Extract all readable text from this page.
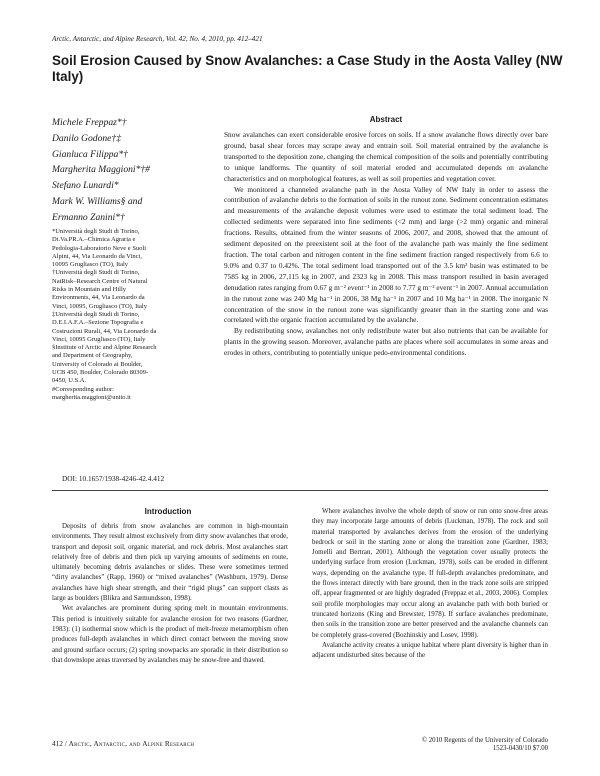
Arctic, Antarctic, and Alpine Research, Vol. 42, No. 4, 2010, pp. 412–421
Soil Erosion Caused by Snow Avalanches: a Case Study in the Aosta Valley (NW Italy)
Michele Freppaz*†
Danilo Godone†‡
Gianluca Filippa*†
Margherita Maggioni*†#
Stefano Lunardi*
Mark W. Williams§ and
Ermanno Zanini*†
*Università degli Studi di Torino,
Di.Va.PR.A.–Chimica Agraria e
Pedologia-Laboratorio Neve e Suoli
Alpini, 44, Via Leonardo da Vinci,
10095 Grugliasco (TO), Italy
†Università degli Studi di Torino,
NatRisk–Research Centre of Natural
Risks in Mountain and Hilly
Environments, 44, Via Leonardo da
Vinci, 10095, Grugliasco (TO), Italy
‡Università degli Studi di Torino,
D.E.I.A.F.A.–Sezione Topografia e
Costruzioni Rurali, 44, Via Leonardo da
Vinci, 10095 Grugliasco (TO), Italy
§Institute of Arctic and Alpine Research
and Department of Geography,
University of Colorado at Boulder,
UCB 450, Boulder, Colorado 80309-
0450, U.S.A.
#Corresponding author:
margherita.maggioni@unito.it
Abstract

Snow avalanches can exert considerable erosive forces on soils. If a snow avalanche flows directly over bare ground, basal shear forces may scrape away and entrain soil. Soil material entrained by the avalanche is transported to the deposition zone, changing the chemical composition of the soils and potentially contributing to unique landforms. The quantity of soil material eroded and accumulated depends on avalanche characteristics and on morphological features, as well as soil properties and vegetation cover.

We monitored a channeled avalanche path in the Aosta Valley of NW Italy in order to assess the contribution of avalanche debris to the formation of soils in the runout zone. Sediment concentration estimates and measurements of the avalanche deposit volumes were used to estimate the total sediment load. The collected sediments were separated into fine sediments (<2 mm) and large (>2 mm) organic and mineral fractions. Results, obtained from the winter seasons of 2006, 2007, and 2008, showed that the amount of sediment deposited on the preexistent soil at the foot of the avalanche path was mainly the fine sediment fraction. The total carbon and nitrogen content in the fine sediment fraction ranged respectively from 6.6 to 9.0% and 0.37 to 0.42%. The total sediment load transported out of the 3.5 km² basin was estimated to be 7585 kg in 2006, 27,115 kg in 2007, and 2323 kg in 2008. This mass transport resulted in basin averaged denudation rates ranging from 0.67 g m⁻² event⁻¹ in 2008 to 7.77 g m⁻² event⁻¹ in 2007. Annual accumulation in the runout zone was 240 Mg ha⁻¹ in 2006, 38 Mg ha⁻¹ in 2007 and 10 Mg ha⁻¹ in 2008. The inorganic N concentration of the snow in the runout zone was significantly greater than in the starting zone and was correlated with the organic fraction accumulated by the avalanche.

By redistributing snow, avalanches not only redistribute water but also nutrients that can be available for plants in the growing season. Moreover, avalanche paths are places where soil accumulates in some areas and erodes in others, contributing to potentially unique pedo-environmental conditions.

DOI: 10.1657/1938-4246-42.4.412
Introduction

Deposits of debris from snow avalanches are common in high-mountain environments. They result almost exclusively from dirty snow avalanches that erode, transport and deposit soil, organic material, and rock debris. Most avalanches start relatively free of debris and then pick up varying amounts of sediments en route, ultimately becoming debris avalanches or slides. These were sometimes termed “dirty avalanches” (Rapp, 1960) or “mixed avalanches” (Washburn, 1979). Dense avalanches have high shear strength, and their “rigid plugs” can support clasts as large as boulders (Blikra and Sæmundsson, 1998).

Wet avalanches are prominent during spring melt in mountain environments. This period is intuitively suitable for avalanche erosion for two reasons (Gardner, 1983): (1) isothermal snow which is the product of melt-freeze metamorphism often produces full-depth avalanches in which direct contact between the moving snow and ground surface occurs; (2) spring snowpacks are sporadic in their distribution so that downslope areas traversed by avalanches may be snow-free and thawed.

Where avalanches involve the whole depth of snow or run onto snow-free areas they may incorporate large amounts of debris (Luckman, 1978). The rock and soil material transported by avalanches derives from the erosion of the underlying bedrock or soil in the starting zone or along the transition zone (Gardner, 1983; Jomelli and Bertran, 2001). Although the vegetation cover usually protects the underlying surface from erosion (Luckman, 1978), soils can be eroded in different ways, depending on the avalanche type. If full-depth avalanches predominate, and the flows interact directly with bare ground, then in the track zone soils are stripped off, appear fragmented or are highly degraded (Freppaz et al., 2003, 2006). Complex soil profile morphologies may occur along an avalanche path with both buried or truncated horizons (King and Brewster, 1978). If surface avalanches predominate, then soils in the transition zone are better preserved and the avalanche channels can be completely grass-covered (Bozhinskiy and Losev, 1998).

Avalanche activity creates a unique habitat where plant diversity is higher than in adjacent undisturbed sites because of the

412 / Arctic, Antarctic, and Alpine Research	© 2010 Regents of the University of Colorado
1523-0430/10 $7.00
